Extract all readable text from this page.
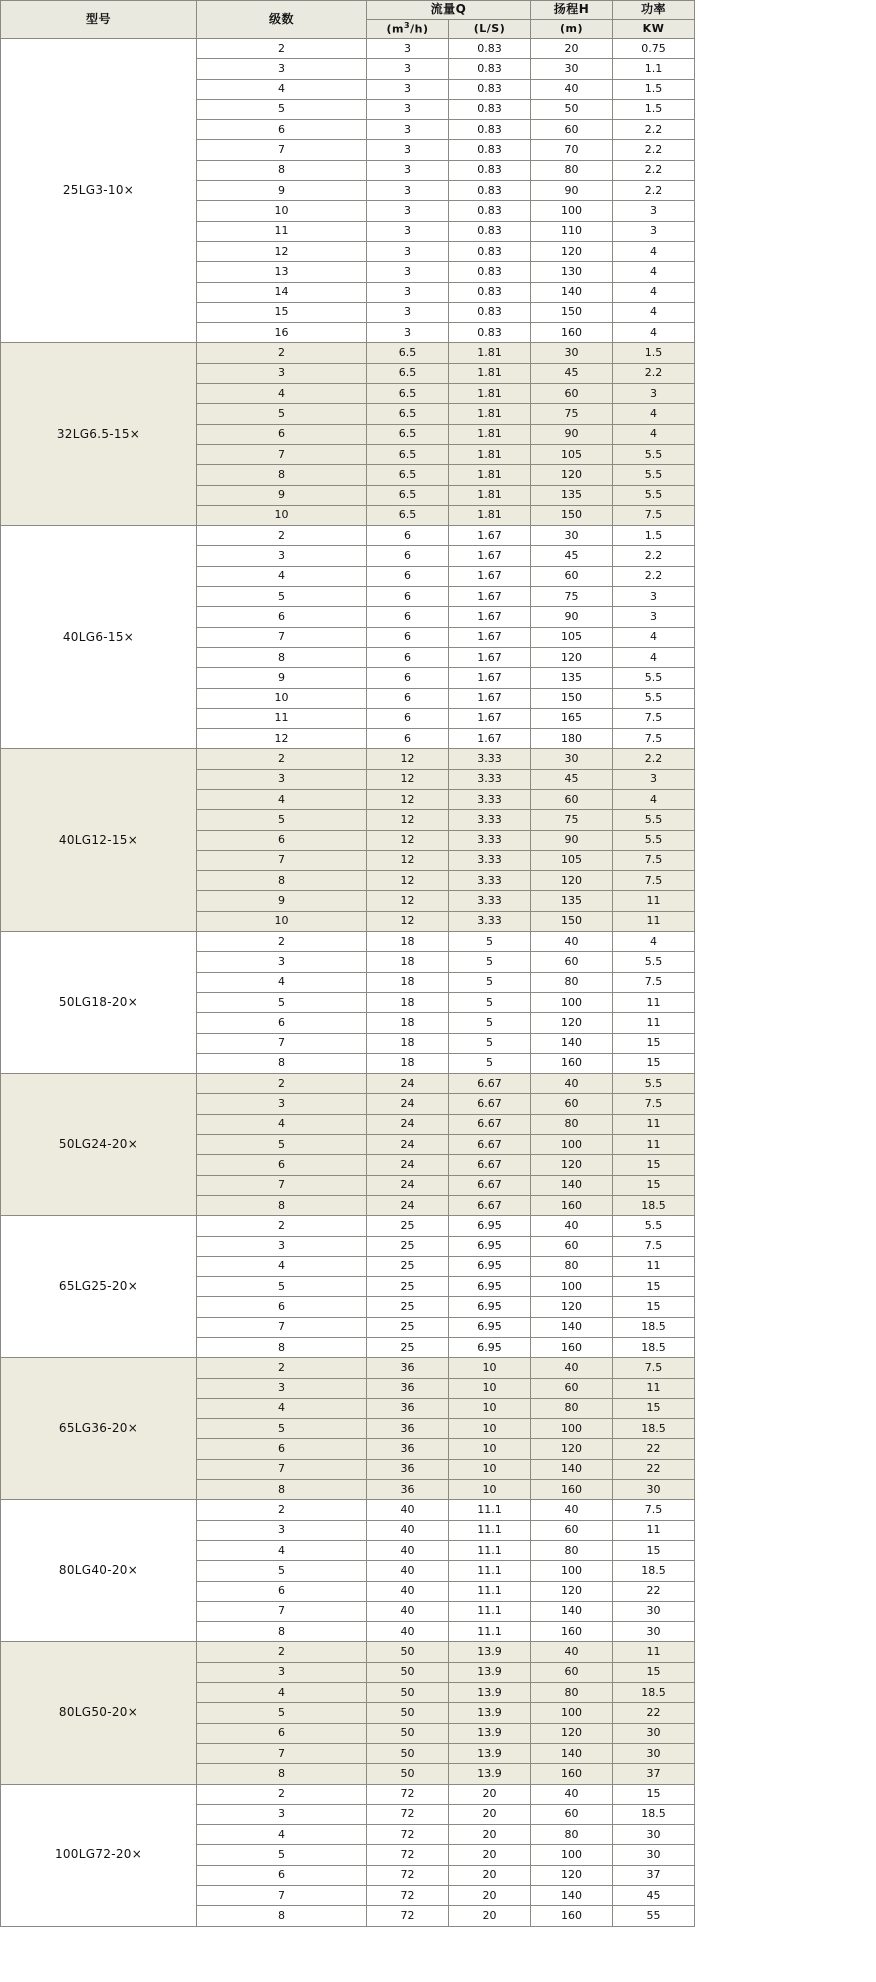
型号	级数	流量Q		扬程H	功率
		$(m^3/h)$	(L/S)	(m)	KW
25LG3-10×	2	3	0.83	20	0.75
	3	3	0.83	30	1.1
	4	3	0.83	40	1.5
	5	3	0.83	50	1.5
	6	3	0.83	60	2.2
	7	3	0.83	70	2.2
	8	3	0.83	80	2.2
	9	3	0.83	90	2.2
	10	3	0.83	100	3
	11	3	0.83	110	3
	12	3	0.83	120	4
	13	3	0.83	130	4
	14	3	0.83	140	4
	15	3	0.83	150	4
	16	3	0.83	160	4
32LG6.5-15×	2	6.5	1.81	30	1.5
	3	6.5	1.81	45	2.2
	4	6.5	1.81	60	3
	5	6.5	1.81	75	4
	6	6.5	1.81	90	4
	7	6.5	1.81	105	5.5
	8	6.5	1.81	120	5.5
	9	6.5	1.81	135	5.5
	10	6.5	1.81	150	7.5
40LG6-15×	2	6	1.67	30	1.5
	3	6	1.67	45	2.2
	4	6	1.67	60	2.2
	5	6	1.67	75	3
	6	6	1.67	90	3
	7	6	1.67	105	4
	8	6	1.67	120	4
	9	6	1.67	135	5.5
	10	6	1.67	150	5.5
	11	6	1.67	165	7.5
	12	6	1.67	180	7.5
40LG12-15×	2	12	3.33	30	2.2
	3	12	3.33	45	3
	4	12	3.33	60	4
	5	12	3.33	75	5.5
	6	12	3.33	90	5.5
	7	12	3.33	105	7.5
	8	12	3.33	120	7.5
	9	12	3.33	135	11
	10	12	3.33	150	11
50LG18-20×	2	18	5	40	4
	3	18	5	60	5.5
	4	18	5	80	7.5
	5	18	5	100	11
	6	18	5	120	11
	7	18	5	140	15
	8	18	5	160	15
50LG24-20×	2	24	6.67	40	5.5
	3	24	6.67	60	7.5
	4	24	6.67	80	11
	5	24	6.67	100	11
	6	24	6.67	120	15
	7	24	6.67	140	15
	8	24	6.67	160	18.5
65LG25-20×	2	25	6.95	40	5.5
	3	25	6.95	60	7.5
	4	25	6.95	80	11
	5	25	6.95	100	15
	6	25	6.95	120	15
	7	25	6.95	140	18.5
	8	25	6.95	160	18.5
65LG36-20×	2	36	10	40	7.5
	3	36	10	60	11
	4	36	10	80	15
	5	36	10	100	18.5
	6	36	10	120	22
	7	36	10	140	22
	8	36	10	160	30
80LG40-20×	2	40	11.1	40	7.5
	3	40	11.1	60	11
	4	40	11.1	80	15
	5	40	11.1	100	18.5
	6	40	11.1	120	22
	7	40	11.1	140	30
	8	40	11.1	160	30
80LG50-20×	2	50	13.9	40	11
	3	50	13.9	60	15
	4	50	13.9	80	18.5
	5	50	13.9	100	22
	6	50	13.9	120	30
	7	50	13.9	140	30
	8	50	13.9	160	37
100LG72-20×	2	72	20	40	15
	3	72	20	60	18.5
	4	72	20	80	30
	5	72	20	100	30
	6	72	20	120	37
	7	72	20	140	45
	8	72	20	160	55
